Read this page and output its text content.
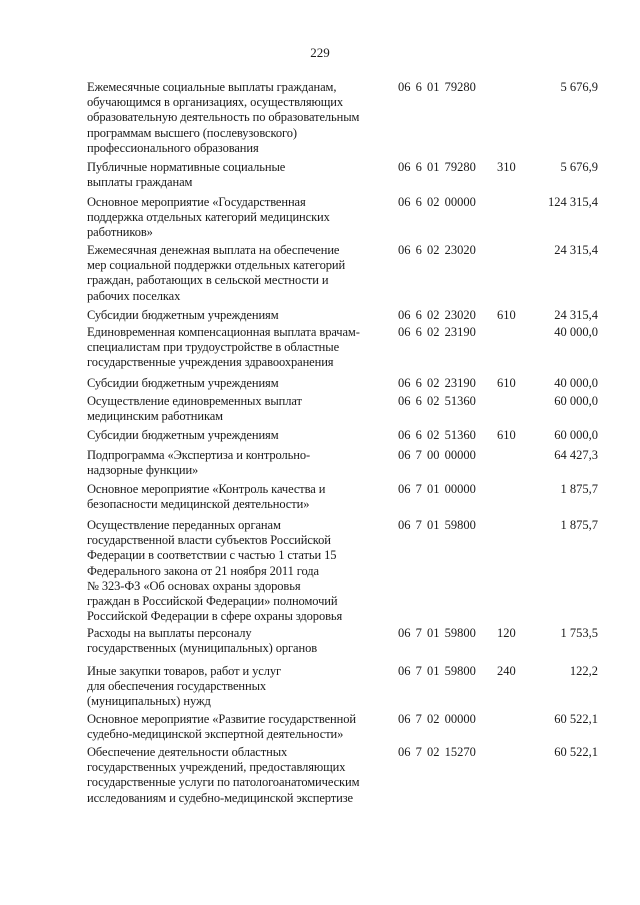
229
Ежемесячные социальные выплаты гражданам,
обучающимся в организациях, осуществляющих
образовательную деятельность по образовательным
программам высшего (послевузовского)
профессионального образования
06 6 01 79280	5 676,9
Публичные нормативные социальные
выплаты гражданам
06 6 01 79280 310	5 676,9
Основное мероприятие «Государственная
поддержка отдельных категорий медицинских
работников»
06 6 02 00000	124 315,4
Ежемесячная денежная выплата на обеспечение
мер социальной поддержки отдельных категорий
граждан, работающих в сельской местности и
рабочих поселках
06 6 02 23020	24 315,4
Субсидии бюджетным учреждениям	06 6 02 23020 610	24 315,4
Единовременная компенсационная выплата врачам-
специалистам при трудоустройстве в областные
государственные учреждения здравоохранения
06 6 02 23190	40 000,0
Субсидии бюджетным учреждениям	06 6 02 23190 610	40 000,0
Осуществление единовременных выплат
медицинским работникам
06 6 02 51360	60 000,0
Субсидии бюджетным учреждениям	06 6 02 51360 610	60 000,0
Подпрограмма «Экспертиза и контрольно-
надзорные функции»
06 7 00 00000	64 427,3
Основное мероприятие «Контроль качества и
безопасности медицинской деятельности»
06 7 01 00000	1 875,7
Осуществление переданных органам
государственной власти субъектов Российской
Федерации в соответствии с частью 1 статьи 15
Федерального закона от 21 ноября 2011 года
№ 323-ФЗ «Об основах охраны здоровья
граждан в Российской Федерации» полномочий
Российской Федерации в сфере охраны здоровья
06 7 01 59800	1 875,7
Расходы на выплаты персоналу
государственных (муниципальных) органов
06 7 01 59800 120	1 753,5
Иные закупки товаров, работ и услуг
для обеспечения государственных
(муниципальных) нужд
06 7 01 59800 240	122,2
Основное мероприятие «Развитие государственной
судебно-медицинской экспертной деятельности»
06 7 02 00000	60 522,1
Обеспечение деятельности областных
государственных учреждений, предоставляющих
государственные услуги по патологоанатомическим
исследованиям и судебно-медицинской экспертизе
06 7 02 15270	60 522,1
